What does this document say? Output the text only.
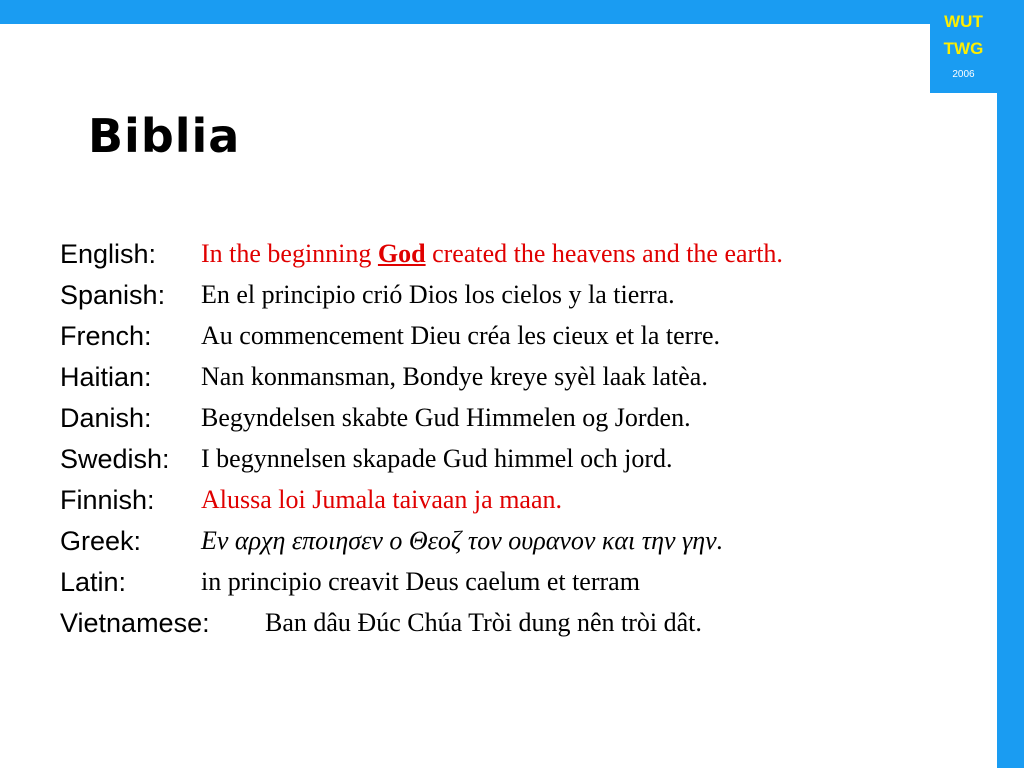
WUT
TWG
2006
Biblia
English: In the beginning God created the heavens and the earth.
Spanish: En el principio crió Dios los cielos y la tierra.
French: Au commencement Dieu créa les cieux et la terre.
Haitian: Nan konmansman, Bondye kreye syèl laak latèa.
Danish: Begyndelsen skabte Gud Himmelen og Jorden.
Swedish: I begynnelsen skapade Gud himmel och jord.
Finnish: Alussa loi Jumala taivaan ja maan.
Greek: Εν αρχη εποιησεν ο Θεοζ τον ουρανον και την γην.
Latin:	in principio creavit Deus caelum et terram
Vietnamese: Ban dâu Đúc Chúa Tròi dung nên tròi dât.
